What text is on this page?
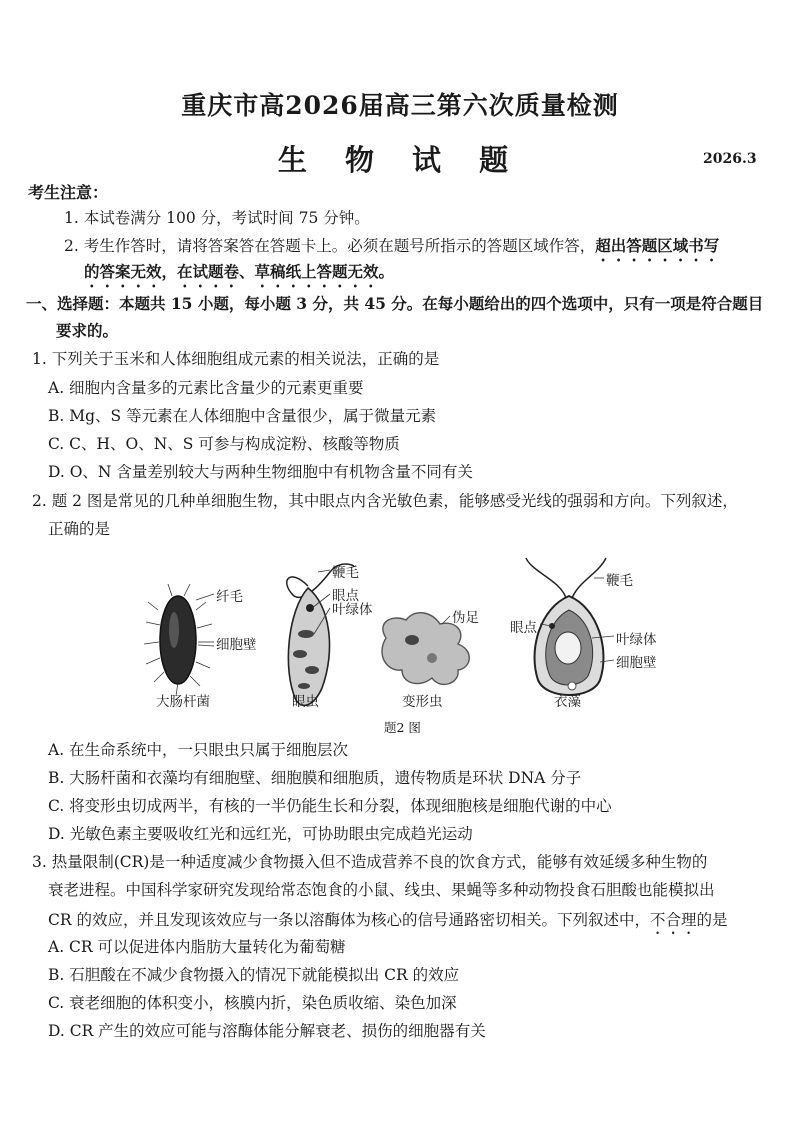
重庆市高2026届高三第六次质量检测
生 物 试 题	2026.3
考生注意：
1. 本试卷满分 100 分，考试时间 75 分钟。
2. 考生作答时，请将答案答在答题卡上。必须在题号所指示的答题区域作答，超出答题区域书写
的答案无效，在试题卷、草稿纸上答题无效。
一、选择题：本题共 15 小题，每小题 3 分，共 45 分。在每小题给出的四个选项中，只有一项是符合题目
要求的。
1. 下列关于玉米和人体细胞组成元素的相关说法，正确的是
A. 细胞内含量多的元素比含量少的元素更重要
B. Mg、S 等元素在人体细胞中含量很少，属于微量元素
C. C、H、O、N、S 可参与构成淀粉、核酸等物质
D. O、N 含量差别较大与两种生物细胞中有机物含量不同有关
2. 题 2 图是常见的几种单细胞生物，其中眼点内含光敏色素，能够感受光线的强弱和方向。下列叙述，
正确的是
纤毛
细胞壁
鞭毛
眼点
叶绿体	伪足
眼点
鞭毛
叶绿体
细胞壁
大肠杆菌	眼虫	变形虫	衣藻
题2 图
A. 在生命系统中，一只眼虫只属于细胞层次
B. 大肠杆菌和衣藻均有细胞壁、细胞膜和细胞质，遗传物质是环状 DNA 分子
C. 将变形虫切成两半，有核的一半仍能生长和分裂，体现细胞核是细胞代谢的中心
D. 光敏色素主要吸收红光和远红光，可协助眼虫完成趋光运动
3. 热量限制(CR)是一种适度减少食物摄入但不造成营养不良的饮食方式，能够有效延缓多种生物的
衰老进程。中国科学家研究发现给常态饱食的小鼠、线虫、果蝇等多种动物投食石胆酸也能模拟出
CR 的效应，并且发现该效应与一条以溶酶体为核心的信号通路密切相关。下列叙述中，不合理的是
A. CR 可以促进体内脂肪大量转化为葡萄糖
B. 石胆酸在不减少食物摄入的情况下就能模拟出 CR 的效应
C. 衰老细胞的体积变小，核膜内折，染色质收缩、染色加深
D. CR 产生的效应可能与溶酶体能分解衰老、损伤的细胞器有关
